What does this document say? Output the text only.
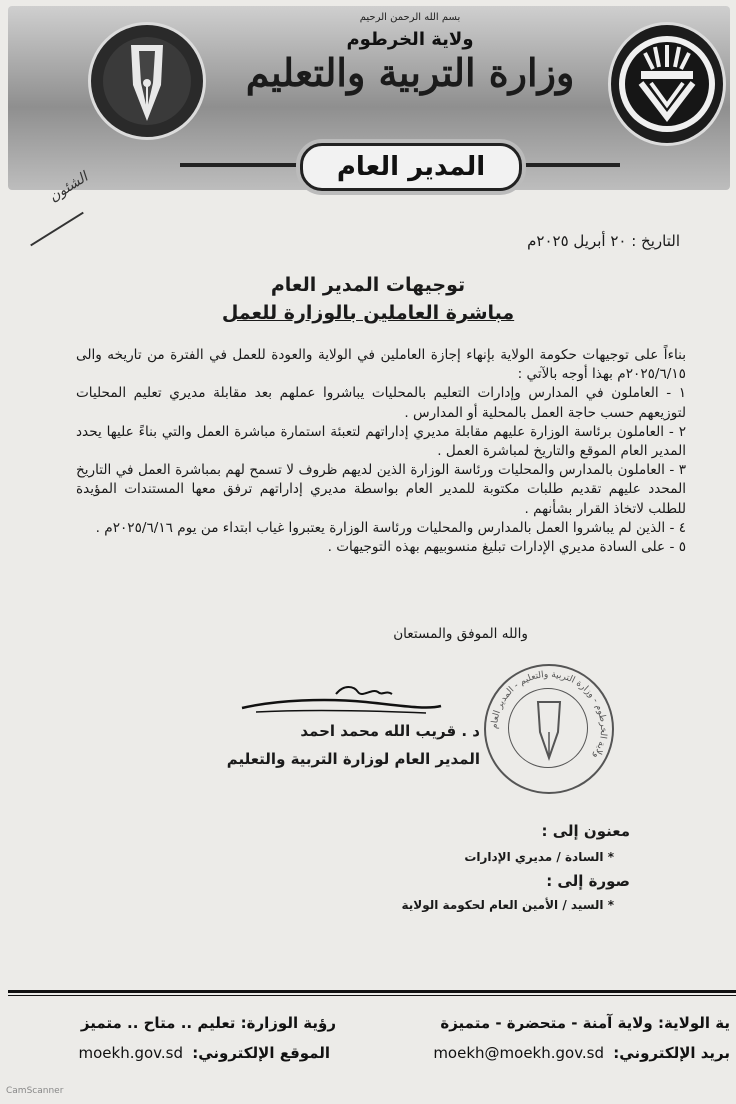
بسم الله الرحمن الرحيم
ولاية الخرطوم
وزارة التربية والتعليم
المدير العام
الشئون
التاريخ : ٢٠ أبريل ٢٠٢٥م
توجيهات المدير العام
مباشرة العاملين بالوزارة للعمل

بناءاً على توجيهات حكومة الولاية بإنهاء إجازة العاملين في الولاية والعودة للعمل في الفترة من تاريخه والى ٢٠٢٥/٦/١٥م بهذا أوجه بالآتي :

١ - العاملون في المدارس وإدارات التعليم بالمحليات يباشروا عملهم بعد مقابلة مديري تعليم المحليات لتوزيعهم حسب حاجة العمل بالمحلية أو المدارس .

٢ - العاملون برئاسة الوزارة عليهم مقابلة مديري إداراتهم لتعبئة استمارة مباشرة العمل والتي بناءً عليها يحدد المدير العام الموقع والتاريخ لمباشرة العمل .

٣ - العاملون بالمدارس والمحليات ورئاسة الوزارة الذين لديهم ظروف لا تسمح لهم بمباشرة العمل في التاريخ المحدد عليهم تقديم طلبات مكتوبة للمدير العام بواسطة مديري إداراتهم ترفق معها المستندات المؤيدة للطلب لاتخاذ القرار بشأنهم .

٤ - الذين لم يباشروا العمل بالمدارس والمحليات ورئاسة الوزارة يعتبروا غياب ابتداء من يوم ٢٠٢٥/٦/١٦م .

٥ - على السادة مديري الإدارات تبليغ منسوبيهم بهذه التوجيهات .

والله الموفق والمستعان
ولاية الخرطوم - وزارة التربية والتعليم - المدير العام
د . قريب الله محمد احمد
المدير العام لوزارة التربية والتعليم
معنون إلى :
* السادة / مديري الإدارات
صورة إلى :
* السيد / الأمين العام لحكومة الولاية
ية الولاية: ولاية آمنة - متحضرة - متميزة
رؤية الوزارة: تعليم .. متاح .. متميز
بريد الإلكتروني: moekh@moekh.gov.sd
الموقع الإلكتروني: moekh.gov.sd
CamScanner
